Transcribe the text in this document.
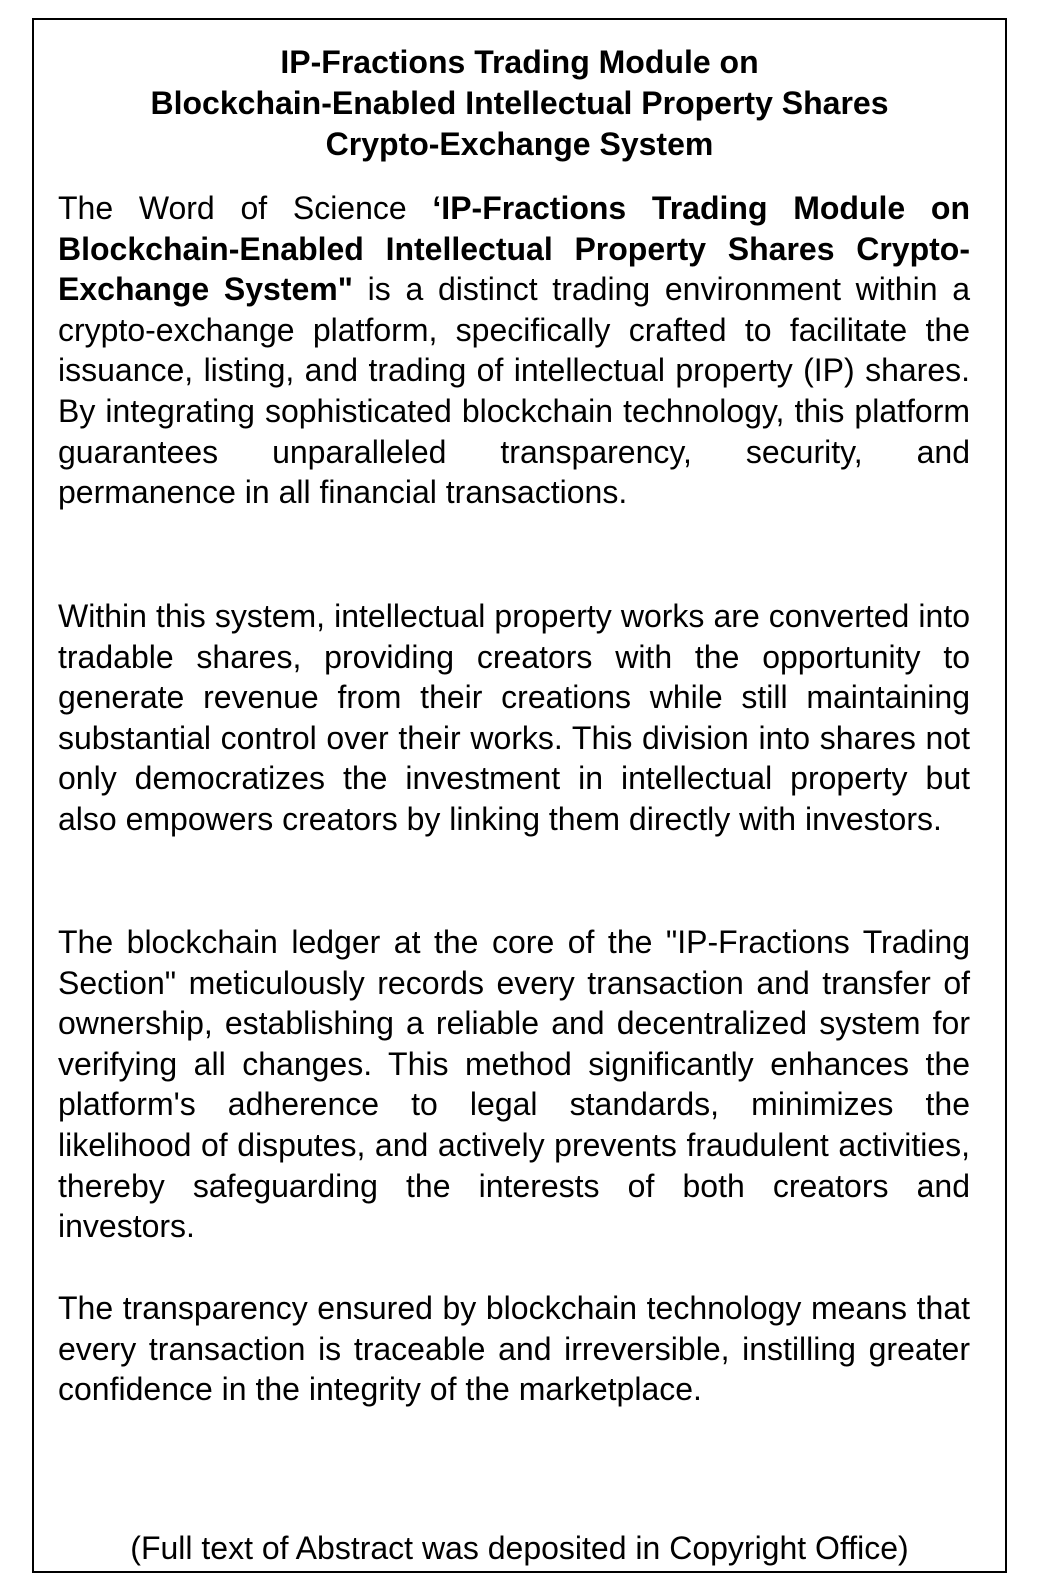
IP-Fractions Trading Module on
Blockchain-Enabled Intellectual Property Shares
Crypto-Exchange System

The Word of Science ‘IP-Fractions Trading Module on Blockchain-Enabled Intellectual Property Shares Crypto-Exchange System" is a distinct trading environment within a crypto-exchange platform, specifically crafted to facilitate the issuance, listing, and trading of intellectual property (IP) shares. By integrating sophisticated blockchain technology, this platform guarantees unparalleled transparency, security, and permanence in all financial transactions.

Within this system, intellectual property works are converted into tradable shares, providing creators with the opportunity to generate revenue from their creations while still maintaining substantial control over their works. This division into shares not only democratizes the investment in intellectual property but also empowers creators by linking them directly with investors.

The blockchain ledger at the core of the "IP-Fractions Trading Section" meticulously records every transaction and transfer of ownership, establishing a reliable and decentralized system for verifying all changes. This method significantly enhances the platform's adherence to legal standards, minimizes the likelihood of disputes, and actively prevents fraudulent activities, thereby safeguarding the interests of both creators and investors.

The transparency ensured by blockchain technology means that every transaction is traceable and irreversible, instilling greater confidence in the integrity of the marketplace.

(Full text of Abstract was deposited in Copyright Office)
